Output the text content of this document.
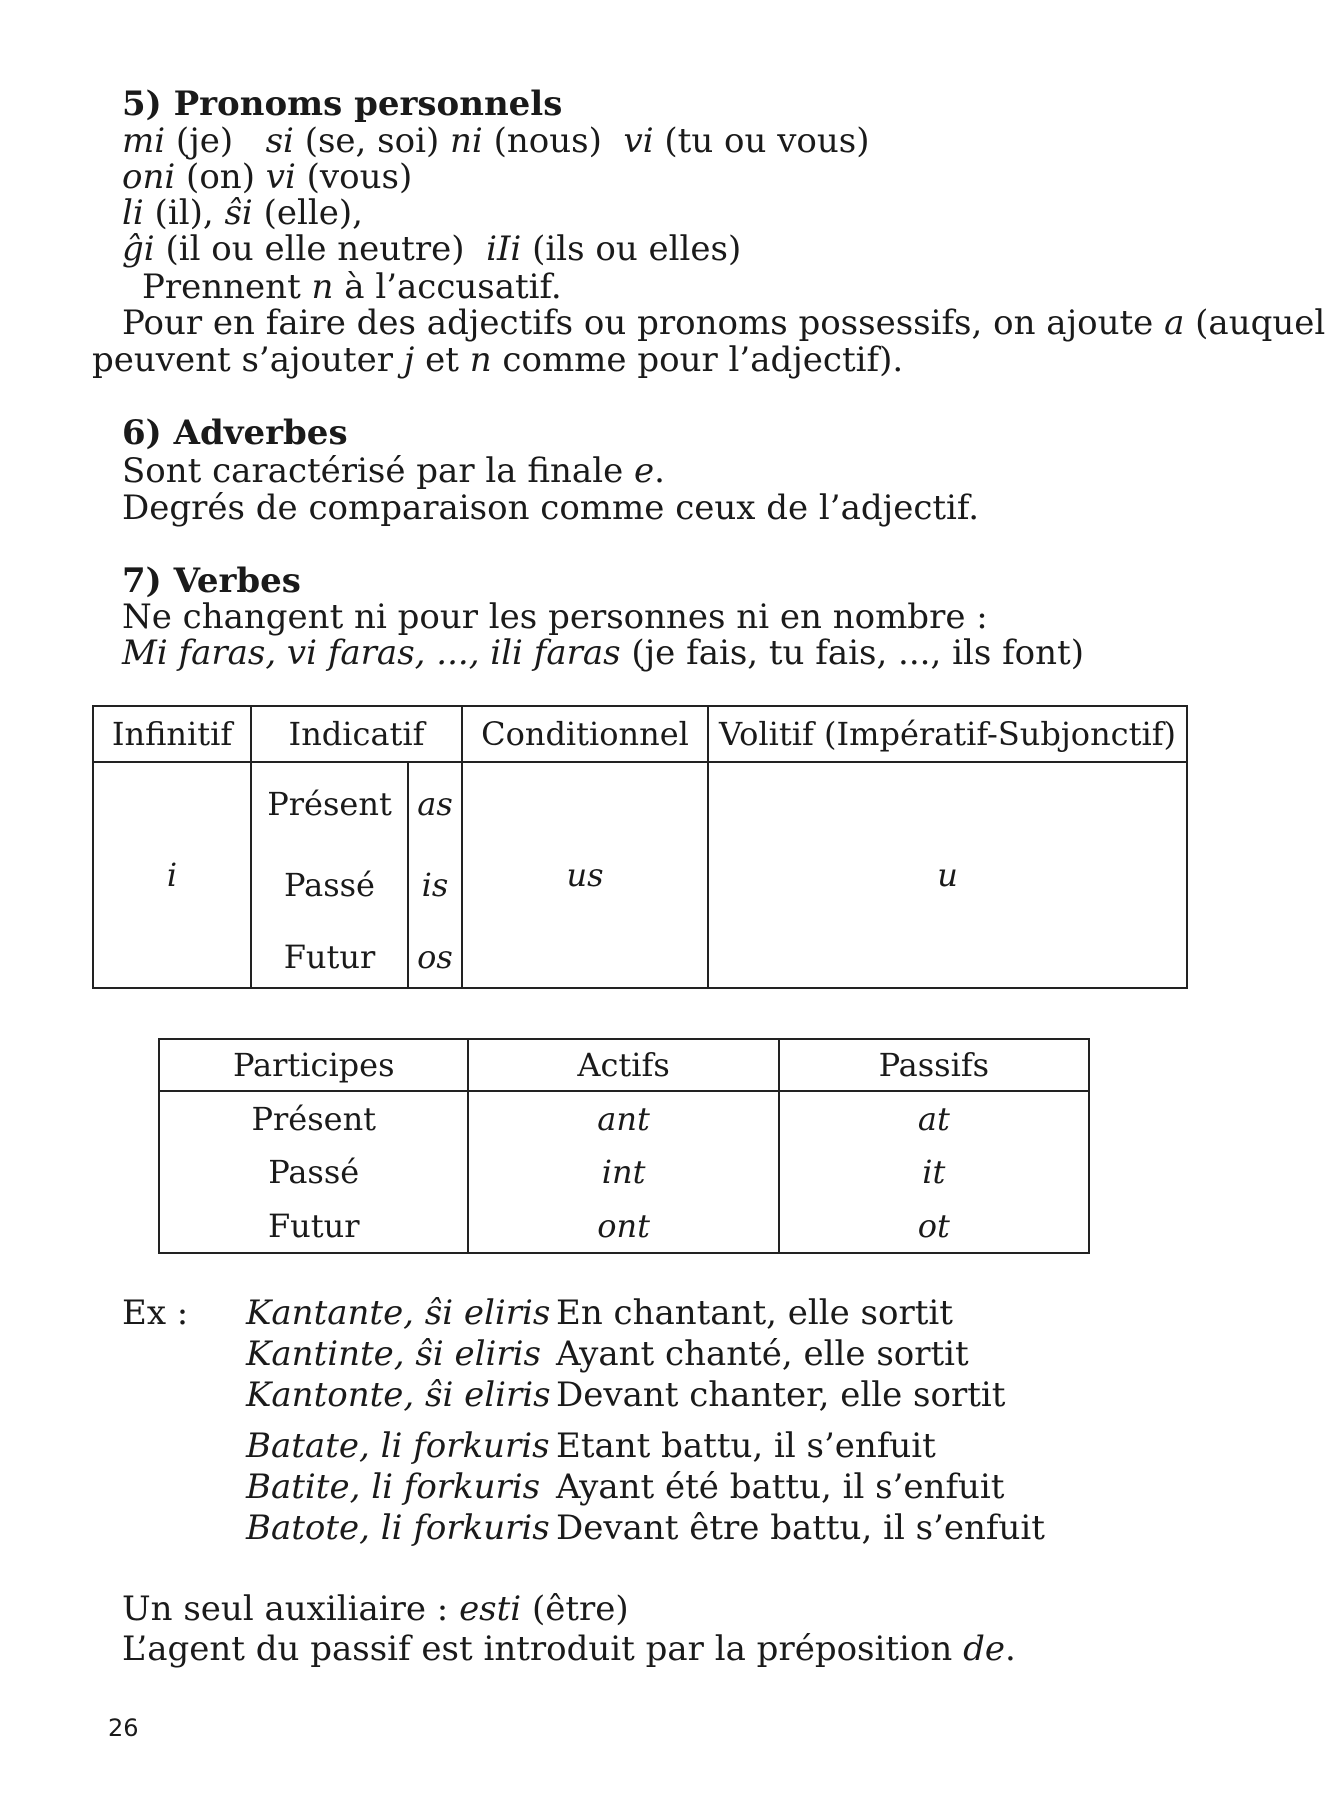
5) Pronoms personnels
mi (je) si (se, soi) ni (nous) vi (tu ou vous)
oni (on) vi (vous)
li (il), ŝi (elle),
ĝi (il ou elle neutre) iIi (ils ou elles)
Prennent n à l’accusatif.
Pour en faire des adjectifs ou pronoms possessifs, on ajoute a (auquel
peuvent s’ajouter j et n comme pour l’adjectif).
6) Adverbes
Sont caractérisé par la finale e.
Degrés de comparaison comme ceux de l’adjectif.
7) Verbes
Ne changent ni pour les personnes ni en nombre :
Mi faras, vi faras, ..., ili faras (je fais, tu fais, ..., ils font)
Infinitif	Indicatif		Conditionnel	Volitif (Impératif-Subjonctif)
i	Présent	as	us	u
	Passé	is		
	Futur	os		
Participes	Actifs	Passifs
Présent	ant	at
Passé	int	it
Futur	ont	ot
Ex : Kantante, ŝi eliris En chantant, elle sortit
Kantinte, ŝi eliris Ayant chanté, elle sortit
Kantonte, ŝi eliris Devant chanter, elle sortit
Batate, li forkuris Etant battu, il s’enfuit
Batite, li forkuris Ayant été battu, il s’enfuit
Batote, li forkuris Devant être battu, il s’enfuit
Un seul auxiliaire : esti (être)
L’agent du passif est introduit par la préposition de.
26
